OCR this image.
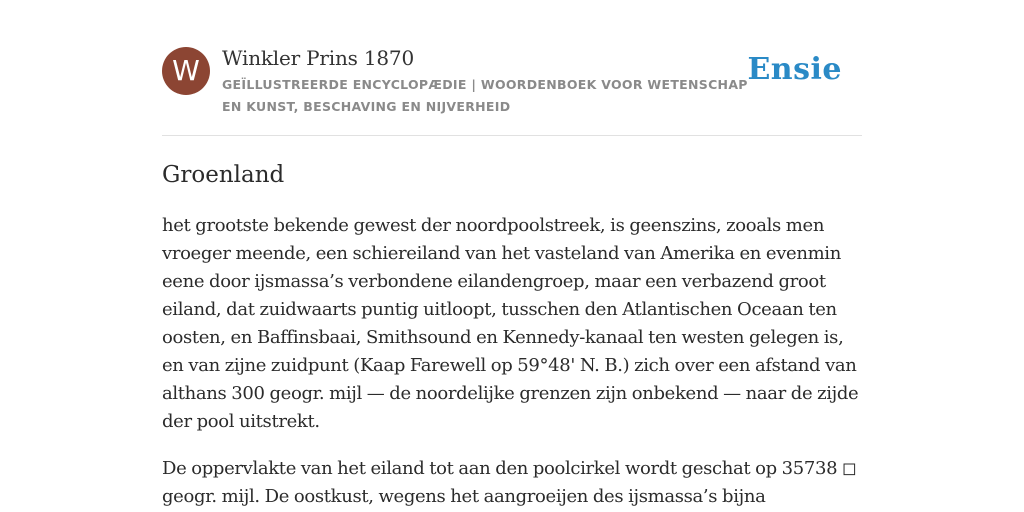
W	Winkler Prins 1870
GEÏLLUSTREERDE ENCYCLOPÆDIE | WOORDENBOEK VOOR WETENSCHAP EN KUNST, BESCHAVING EN NIJVERHEID
Ensie
Groenland

het grootste bekende gewest der noordpoolstreek, is geenszins, zooals men vroeger meende, een schiereiland van het vasteland van Amerika en evenmin eene door ijsmassa’s verbondene eilandengroep, maar een verbazend groot eiland, dat zuidwaarts puntig uitloopt, tusschen den Atlantischen Oceaan ten oosten, en Baffinsbaai, Smithsound en Kennedy-kanaal ten westen gelegen is, en van zijne zuidpunt (Kaap Farewell op 59°48' N. B.) zich over een afstand van althans 300 geogr. mijl — de noordelijke grenzen zijn onbekend — naar de zijde der pool uitstrekt.

De oppervlakte van het eiland tot aan den poolcirkel wordt geschat op 35738 ◻ geogr. mijl. De oostkust, wegens het aangroeijen des ijsmassa’s bijna
